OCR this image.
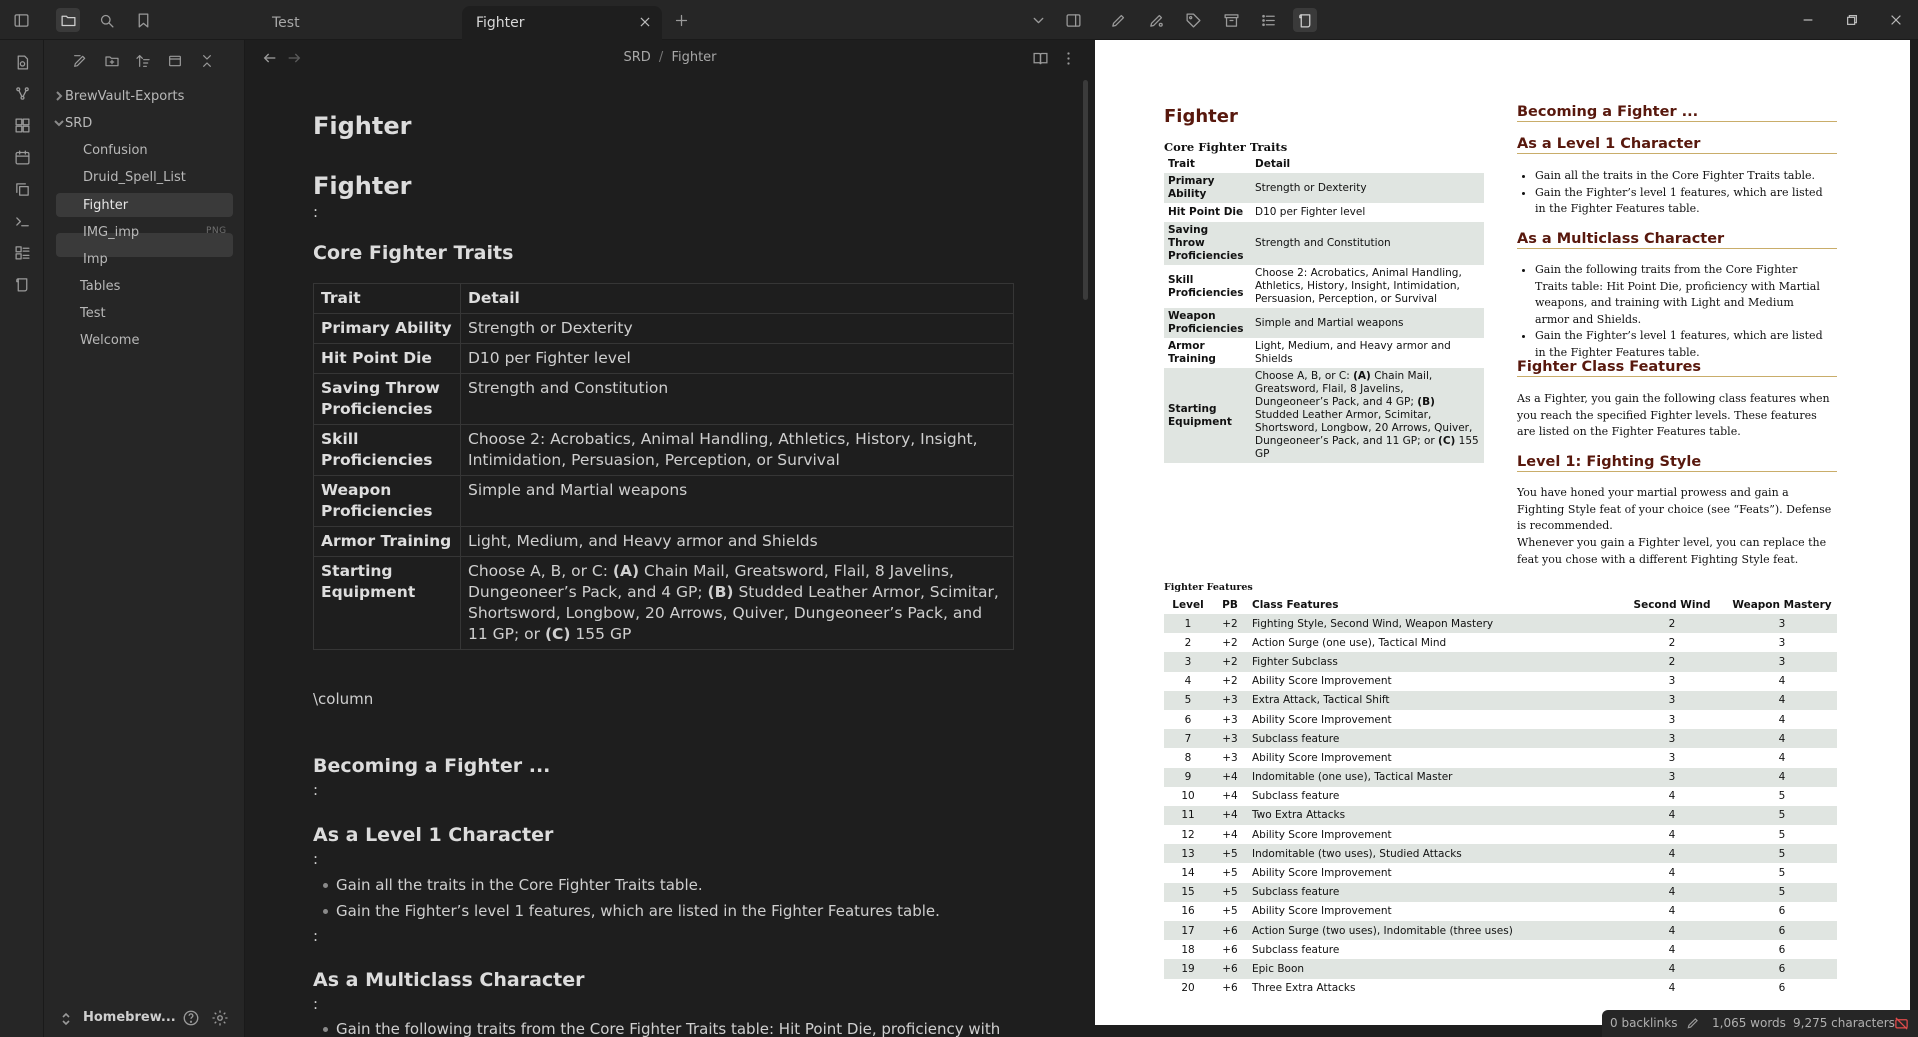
Test	Fighter
BrewVault-Exports
SRD
Confusion
Druid_Spell_List
Fighter
IMG_imp	PNG
Imp
Tables
Test
Welcome
Homebrew...
SRD / Fighter
Fighter
Fighter
:
Core Fighter Traits
Trait	Detail
Primary Ability	Strength or Dexterity
Hit Point Die	D10 per Fighter level
Saving Throw Proficiencies	Strength and Constitution
Skill Proficiencies	Choose 2: Acrobatics, Animal Handling, Athletics, History, Insight, Intimidation, Persuasion, Perception, or Survival
Weapon Proficiencies	Simple and Martial weapons
Armor Training	Light, Medium, and Heavy armor and Shields
Starting Equipment	Choose A, B, or C: (A) Chain Mail, Greatsword, Flail, 8 Javelins, Dungeoneer’s Pack, and 4 GP; (B) Studded Leather Armor, Scimitar, Shortsword, Longbow, 20 Arrows, Quiver, Dungeoneer’s Pack, and 11 GP; or (C) 155 GP
\column
Becoming a Fighter ...
:
As a Level 1 Character
:
Gain all the traits in the Core Fighter Traits table.
Gain the Fighter’s level 1 features, which are listed in the Fighter Features table.
:
As a Multiclass Character
:
Gain the following traits from the Core Fighter Traits table: Hit Point Die, proficiency with
Fighter
Core Fighter Traits
Trait	Detail
Primary Ability	Strength or Dexterity
Hit Point Die	D10 per Fighter level
Saving Throw Proficiencies	Strength and Constitution
Skill Proficiencies	Choose 2: Acrobatics, Animal Handling, Athletics, History, Insight, Intimidation, Persuasion, Perception, or Survival
Weapon Proficiencies	Simple and Martial weapons
Armor Training	Light, Medium, and Heavy armor and Shields
Starting Equipment	Choose A, B, or C: (A) Chain Mail, Greatsword, Flail, 8 Javelins, Dungeoneer’s Pack, and 4 GP; (B) Studded Leather Armor, Scimitar, Shortsword, Longbow, 20 Arrows, Quiver, Dungeoneer’s Pack, and 11 GP; or (C) 155 GP
Becoming a Fighter ...
As a Level 1 Character
• Gain all the traits in the Core Fighter Traits table.
• Gain the Fighter’s level 1 features, which are listed in the Fighter Features table.
As a Multiclass Character
• Gain the following traits from the Core Fighter Traits table: Hit Point Die, proficiency with Martial weapons, and training with Light and Medium armor and Shields.
• Gain the Fighter’s level 1 features, which are listed in the Fighter Features table.
Fighter Class Features
As a Fighter, you gain the following class features when you reach the specified Fighter levels. These features are listed on the Fighter Features table.
Level 1: Fighting Style
You have honed your martial prowess and gain a Fighting Style feat of your choice (see “Feats”). Defense is recommended.
Whenever you gain a Fighter level, you can replace the feat you chose with a different Fighting Style feat.
Fighter Features
Level	PB	Class Features	Second Wind	Weapon Mastery
1	+2	Fighting Style, Second Wind, Weapon Mastery	2	3
2	+2	Action Surge (one use), Tactical Mind	2	3
3	+2	Fighter Subclass	2	3
4	+2	Ability Score Improvement	3	4
5	+3	Extra Attack, Tactical Shift	3	4
6	+3	Ability Score Improvement	3	4
7	+3	Subclass feature	3	4
8	+3	Ability Score Improvement	3	4
9	+4	Indomitable (one use), Tactical Master	3	4
10	+4	Subclass feature	4	5
11	+4	Two Extra Attacks	4	5
12	+4	Ability Score Improvement	4	5
13	+5	Indomitable (two uses), Studied Attacks	4	5
14	+5	Ability Score Improvement	4	5
15	+5	Subclass feature	4	5
16	+5	Ability Score Improvement	4	6
17	+6	Action Surge (two uses), Indomitable (three uses)	4	6
18	+6	Subclass feature	4	6
19	+6	Epic Boon	4	6
20	+6	Three Extra Attacks	4	6
0 backlinks	1,065 words 9,275 characters
